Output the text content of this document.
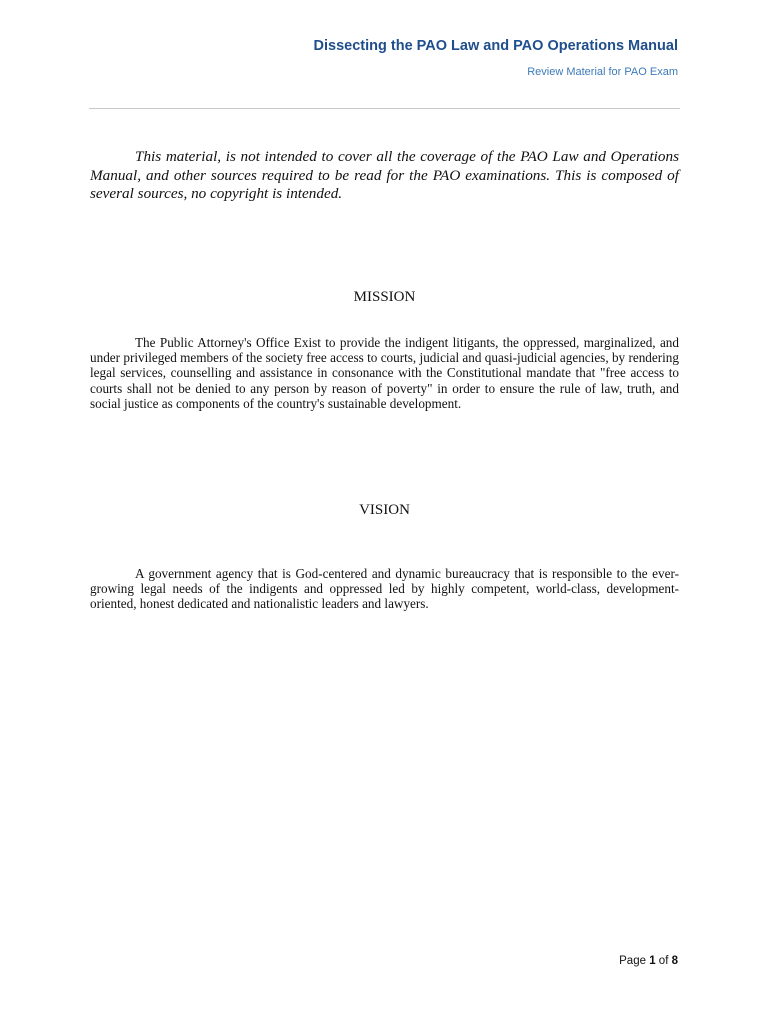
Dissecting the PAO Law and PAO Operations Manual
Review Material for PAO Exam

This material, is not intended to cover all the coverage of the PAO Law and Operations Manual, and other sources required to be read for the PAO examinations. This is composed of several sources, no copyright is intended.

MISSION

The Public Attorney's Office Exist to provide the indigent litigants, the oppressed, marginalized, and under privileged members of the society free access to courts, judicial and quasi-judicial agencies, by rendering legal services, counselling and assistance in consonance with the Constitutional mandate that "free access to courts shall not be denied to any person by reason of poverty" in order to ensure the rule of law, truth, and social justice as components of the country's sustainable development.

VISION

A government agency that is God-centered and dynamic bureaucracy that is responsible to the ever-growing legal needs of the indigents and oppressed led by highly competent, world-class, development-oriented, honest dedicated and nationalistic leaders and lawyers.

Page 1 of 8
